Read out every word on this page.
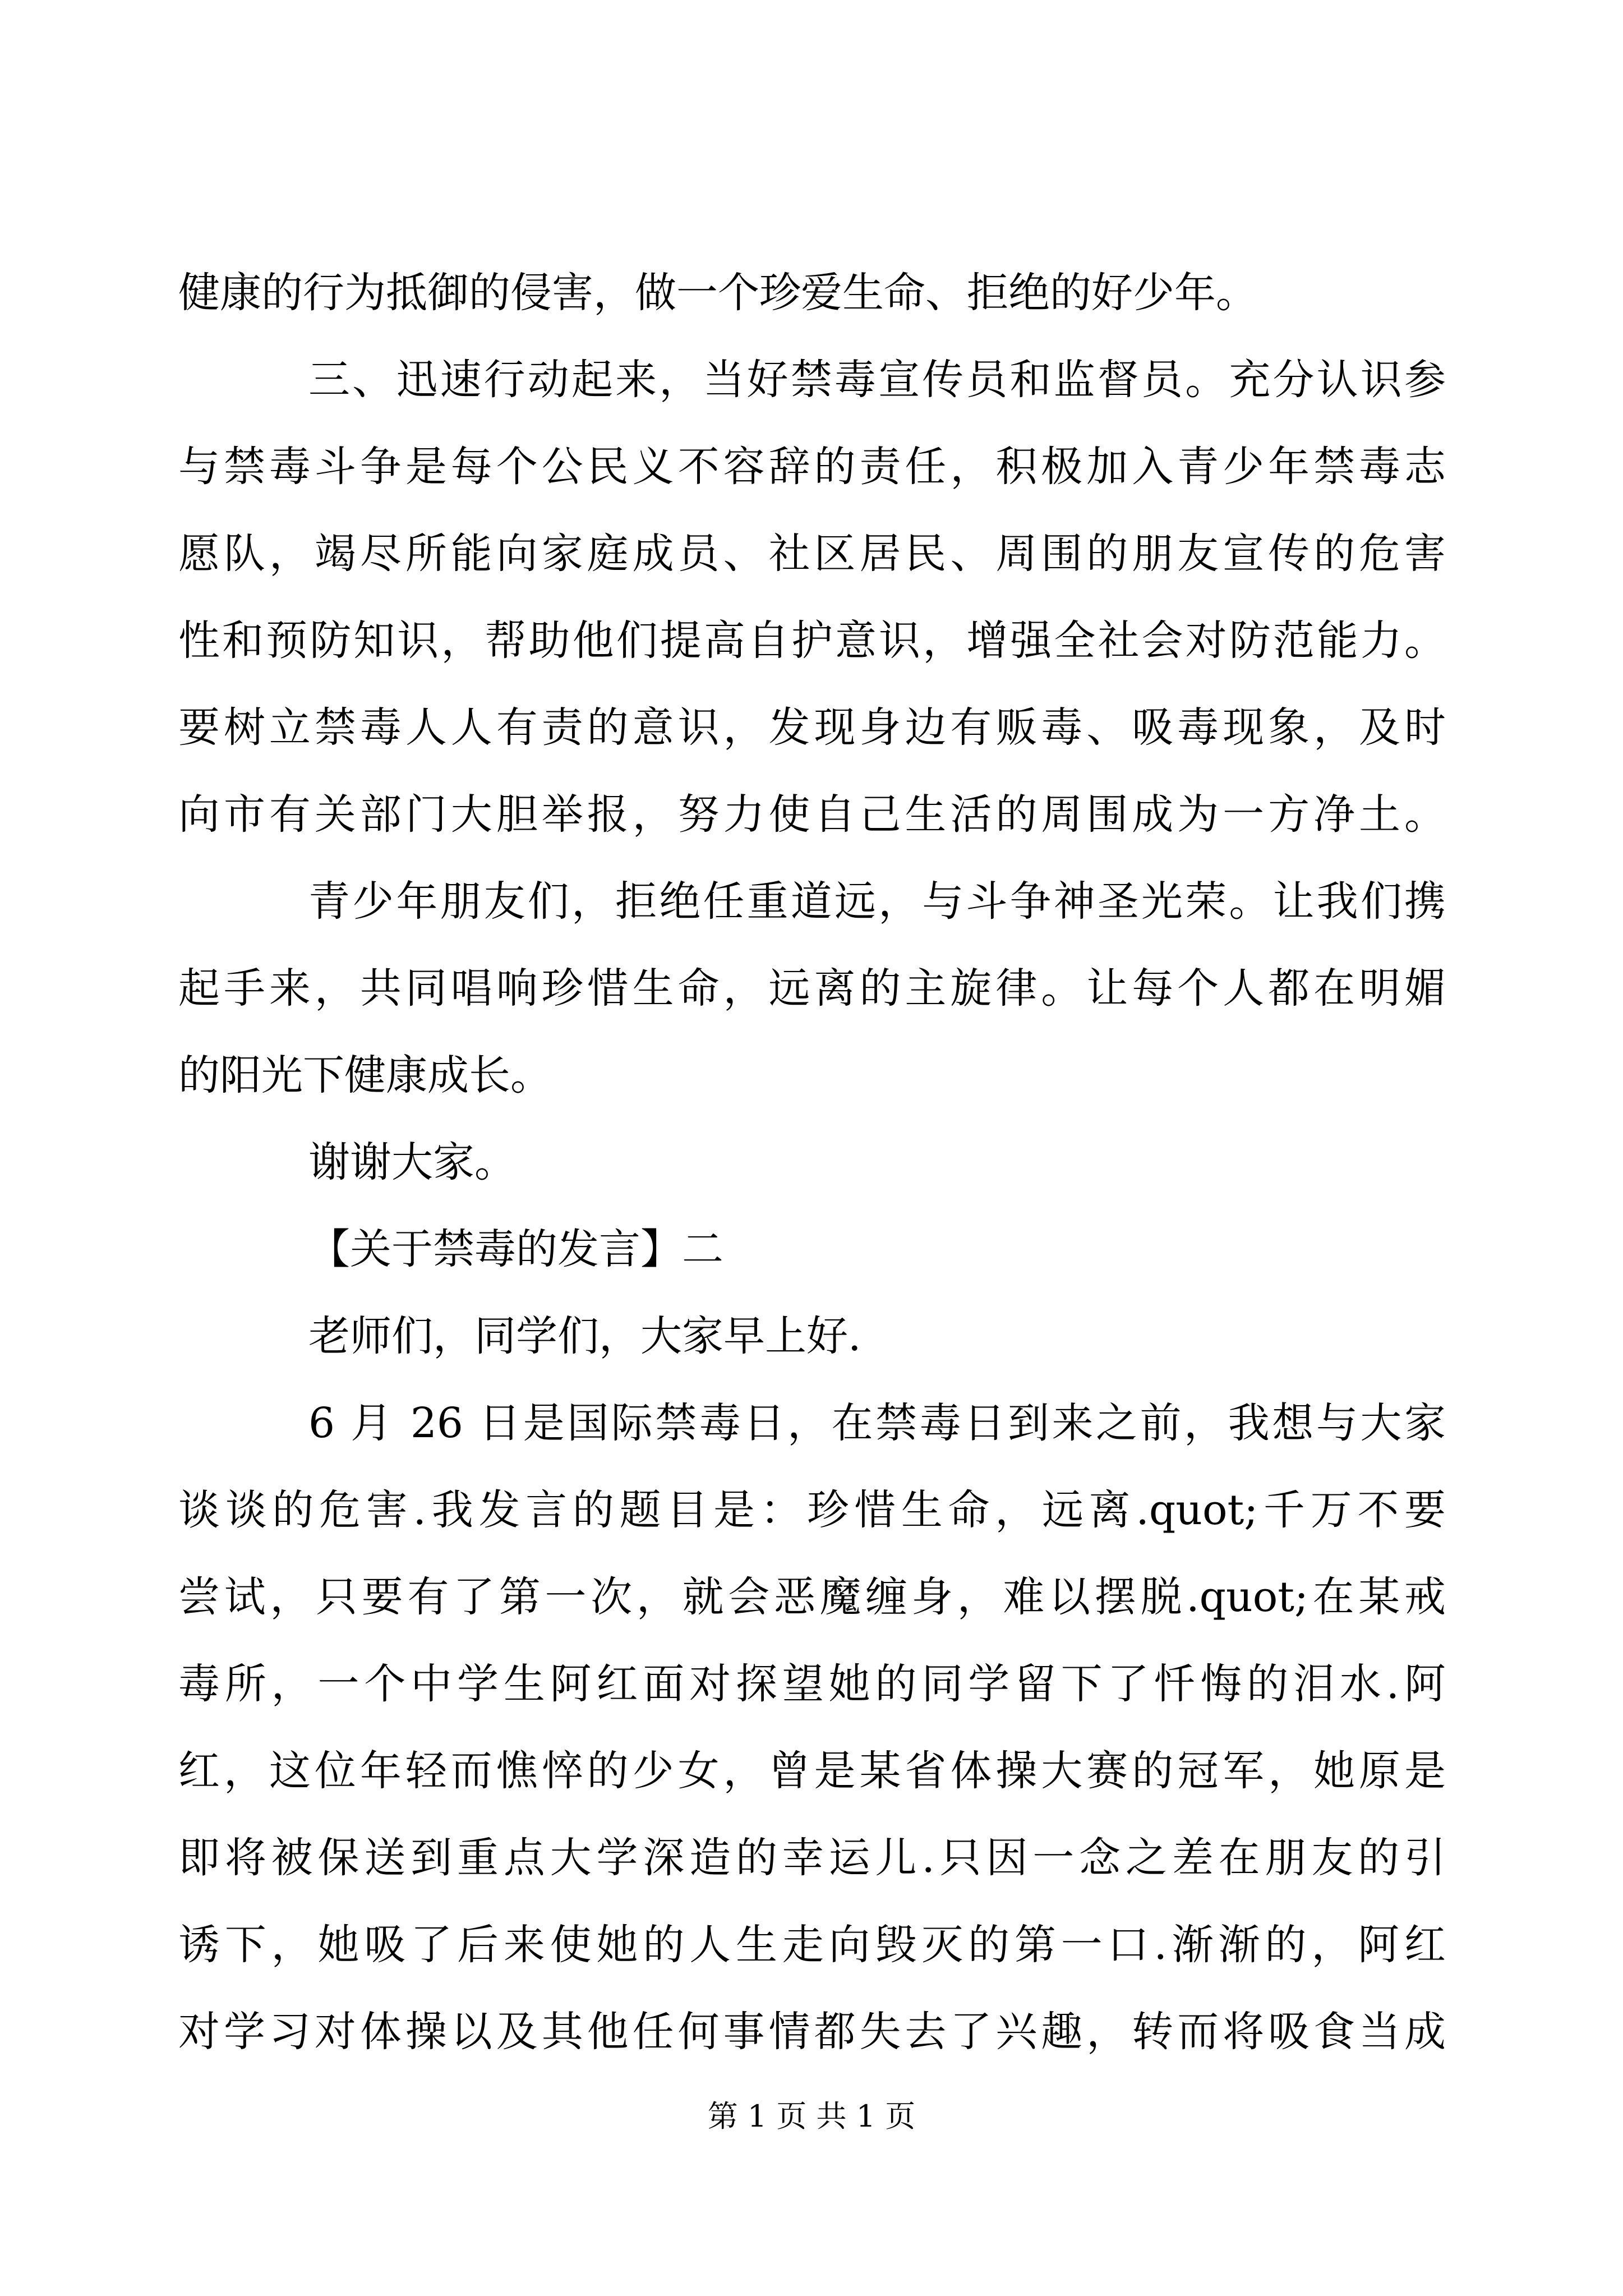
健康的行为抵御的侵害，做一个珍爱生命、拒绝的好少年。
三、迅速行动起来，当好禁毒宣传员和监督员。充分认识参
与禁毒斗争是每个公民义不容辞的责任，积极加入青少年禁毒志
愿队，竭尽所能向家庭成员、社区居民、周围的朋友宣传的危害
性和预防知识，帮助他们提高自护意识，增强全社会对防范能力。
要树立禁毒人人有责的意识，发现身边有贩毒、吸毒现象，及时
向市有关部门大胆举报，努力使自己生活的周围成为一方净土。
青少年朋友们，拒绝任重道远，与斗争神圣光荣。让我们携
起手来，共同唱响珍惜生命，远离的主旋律。让每个人都在明媚
的阳光下健康成长。
谢谢大家。
【关于禁毒的发言】二
老师们，同学们，大家早上好.
6 月 26 日是国际禁毒日，在禁毒日到来之前，我想与大家
谈谈的危害.我发言的题目是：珍惜生命，远离.quot;千万不要
尝试，只要有了第一次，就会恶魔缠身，难以摆脱.quot;在某戒
毒所，一个中学生阿红面对探望她的同学留下了忏悔的泪水.阿
红，这位年轻而憔悴的少女，曾是某省体操大赛的冠军，她原是
即将被保送到重点大学深造的幸运儿.只因一念之差在朋友的引
诱下，她吸了后来使她的人生走向毁灭的第一口.渐渐的，阿红
对学习对体操以及其他任何事情都失去了兴趣，转而将吸食当成
第 1 页 共 1 页
